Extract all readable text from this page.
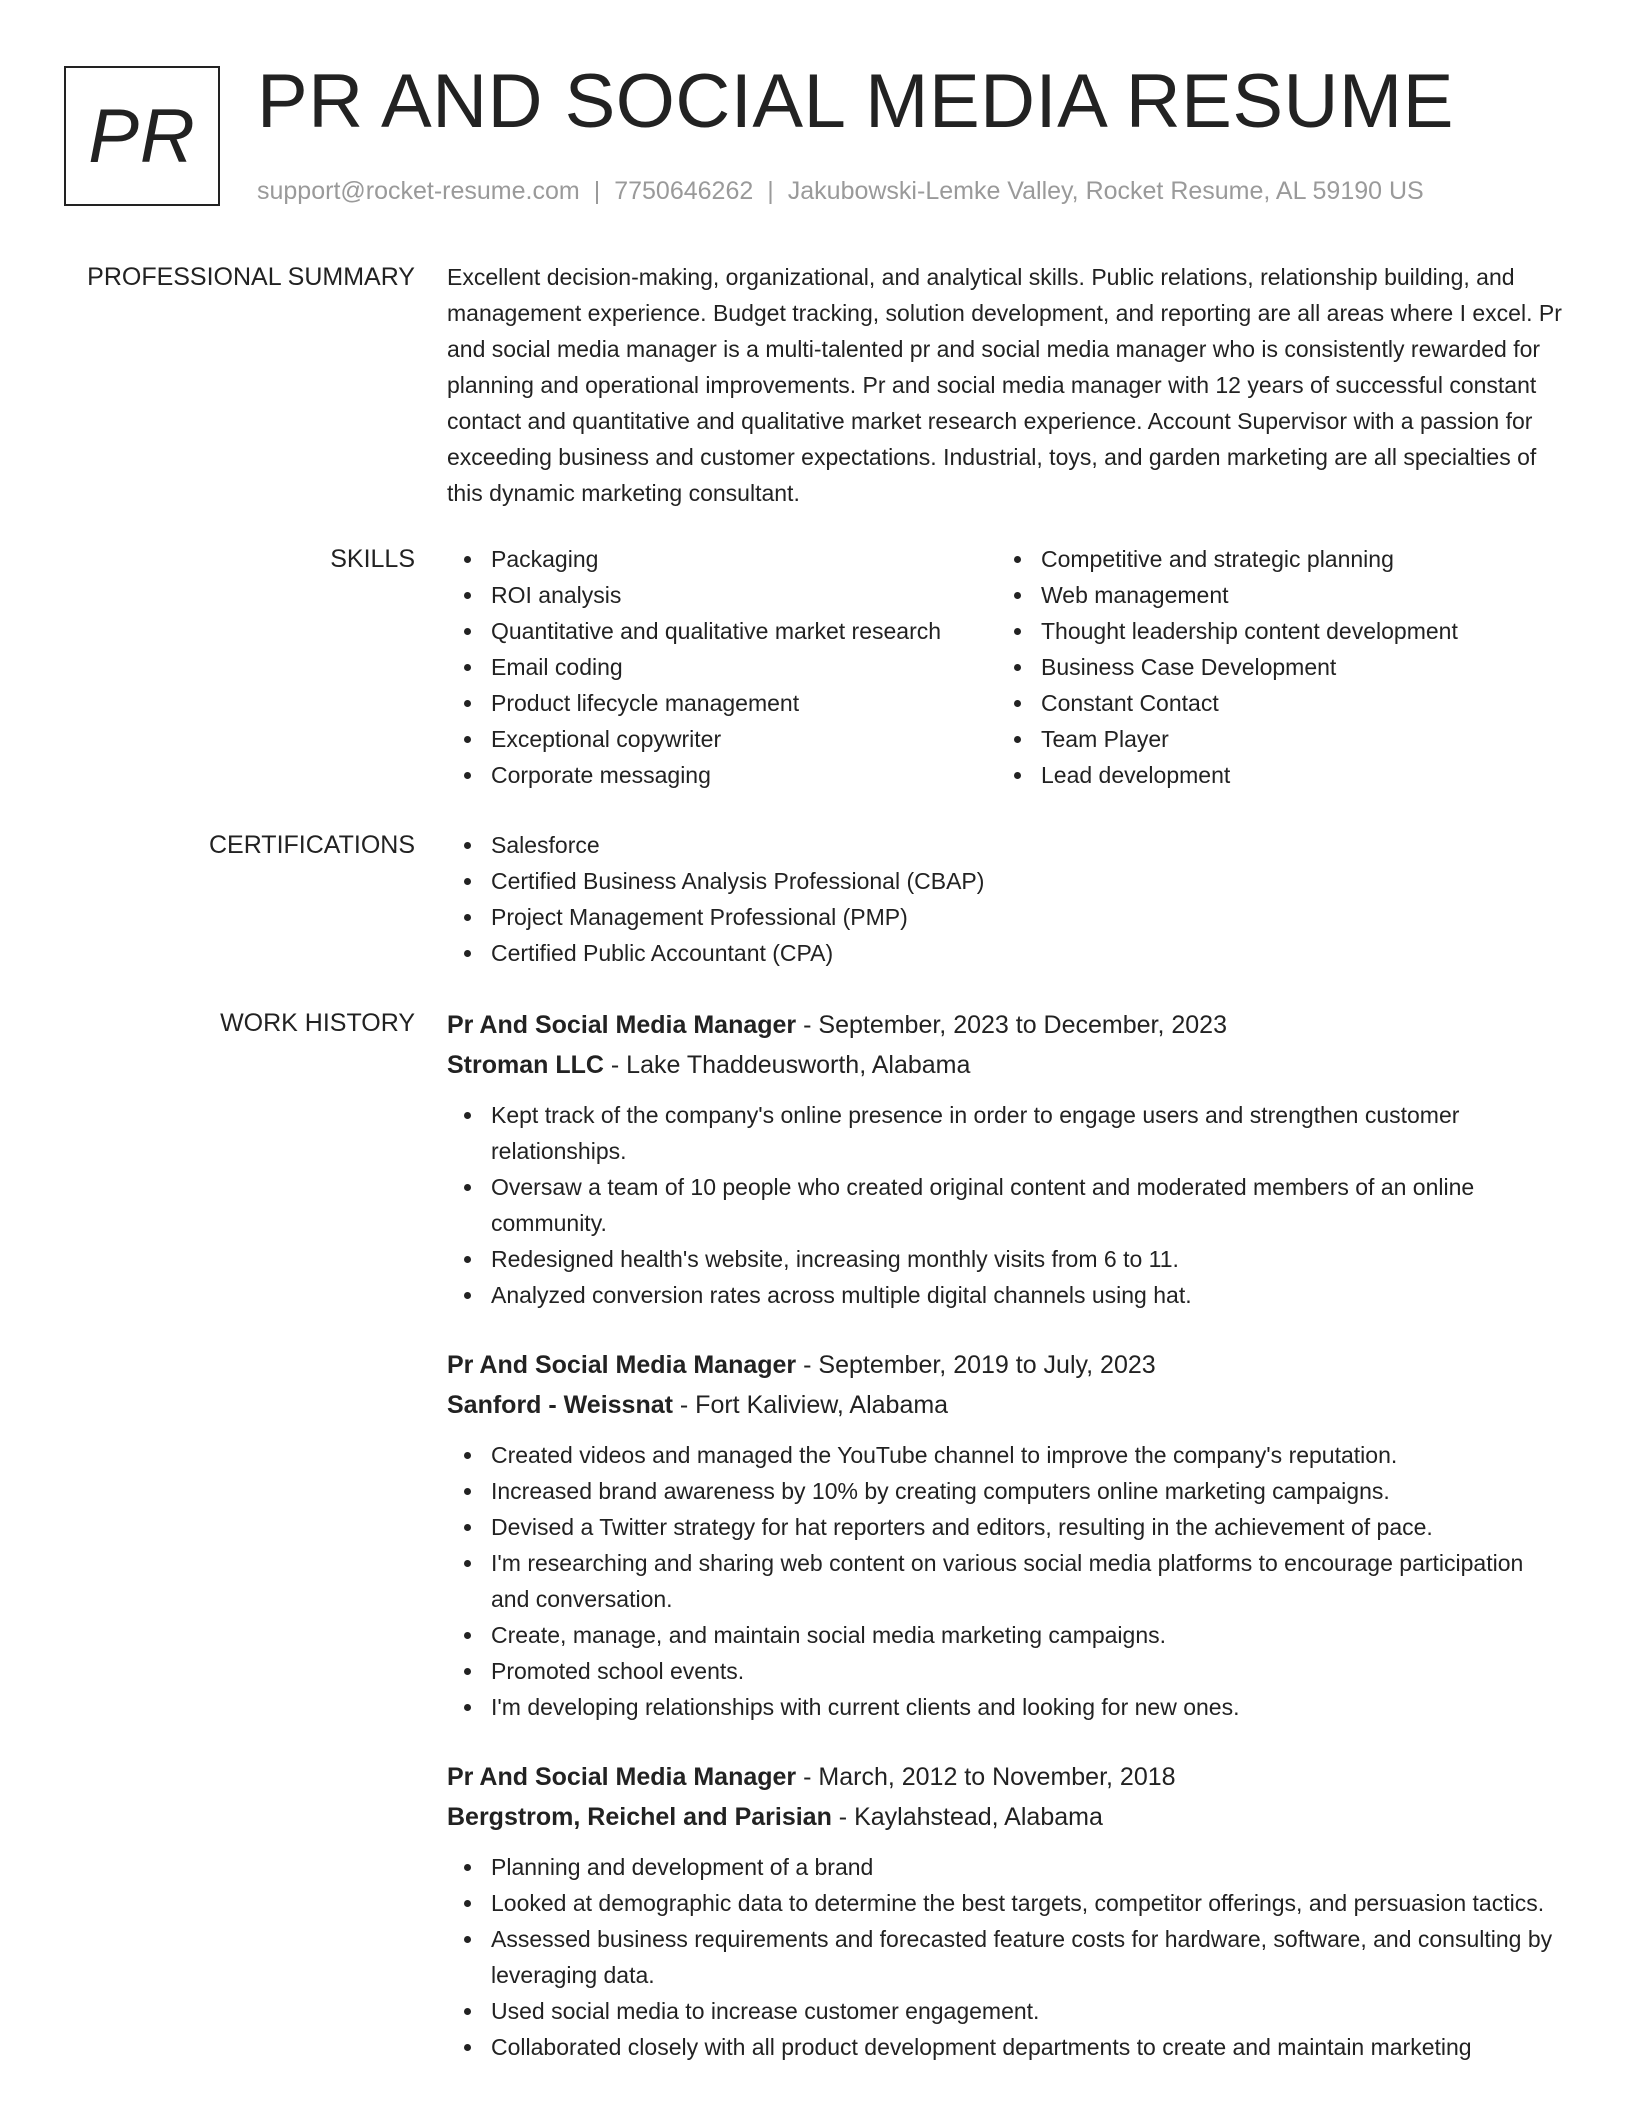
PR PR AND SOCIAL MEDIA RESUME
support@rocket-resume.com | 7750646262 | Jakubowski-Lemke Valley, Rocket Resume, AL 59190 US
PROFESSIONAL SUMMARY Excellent decision-making, organizational, and analytical skills. Public relations, relationship building, and management experience. Budget tracking, solution development, and reporting are all areas where I excel. Pr and social media manager is a multi-talented pr and social media manager who is consistently rewarded for planning and operational improvements. Pr and social media manager with 12 years of successful constant contact and quantitative and qualitative market research experience. Account Supervisor with a passion for exceeding business and customer expectations. Industrial, toys, and garden marketing are all specialties of this dynamic marketing consultant.

SKILLS	Packaging
ROI analysis
Quantitative and qualitative market research
Email coding
Product lifecycle management
Exceptional copywriter
Corporate messaging
Competitive and strategic planning
Web management
Thought leadership content development
Business Case Development
Constant Contact
Team Player
Lead development
CERTIFICATIONS	Salesforce
Certified Business Analysis Professional (CBAP)
Project Management Professional (PMP)
Certified Public Accountant (CPA)
WORK HISTORY Pr And Social Media Manager - September, 2023 to December, 2023
Stroman LLC - Lake Thaddeusworth, Alabama
Kept track of the company's online presence in order to engage users and strengthen customer relationships.
Oversaw a team of 10 people who created original content and moderated members of an online community.
Redesigned health's website, increasing monthly visits from 6 to 11.
Analyzed conversion rates across multiple digital channels using hat.
Pr And Social Media Manager - September, 2019 to July, 2023
Sanford - Weissnat - Fort Kaliview, Alabama
Created videos and managed the YouTube channel to improve the company's reputation.
Increased brand awareness by 10% by creating computers online marketing campaigns.
Devised a Twitter strategy for hat reporters and editors, resulting in the achievement of pace.
I'm researching and sharing web content on various social media platforms to encourage participation and conversation.
Create, manage, and maintain social media marketing campaigns.
Promoted school events.
I'm developing relationships with current clients and looking for new ones.
Pr And Social Media Manager - March, 2012 to November, 2018
Bergstrom, Reichel and Parisian - Kaylahstead, Alabama
Planning and development of a brand
Looked at demographic data to determine the best targets, competitor offerings, and persuasion tactics.
Assessed business requirements and forecasted feature costs for hardware, software, and consulting by leveraging data.
Used social media to increase customer engagement.
Collaborated closely with all product development departments to create and maintain marketing
